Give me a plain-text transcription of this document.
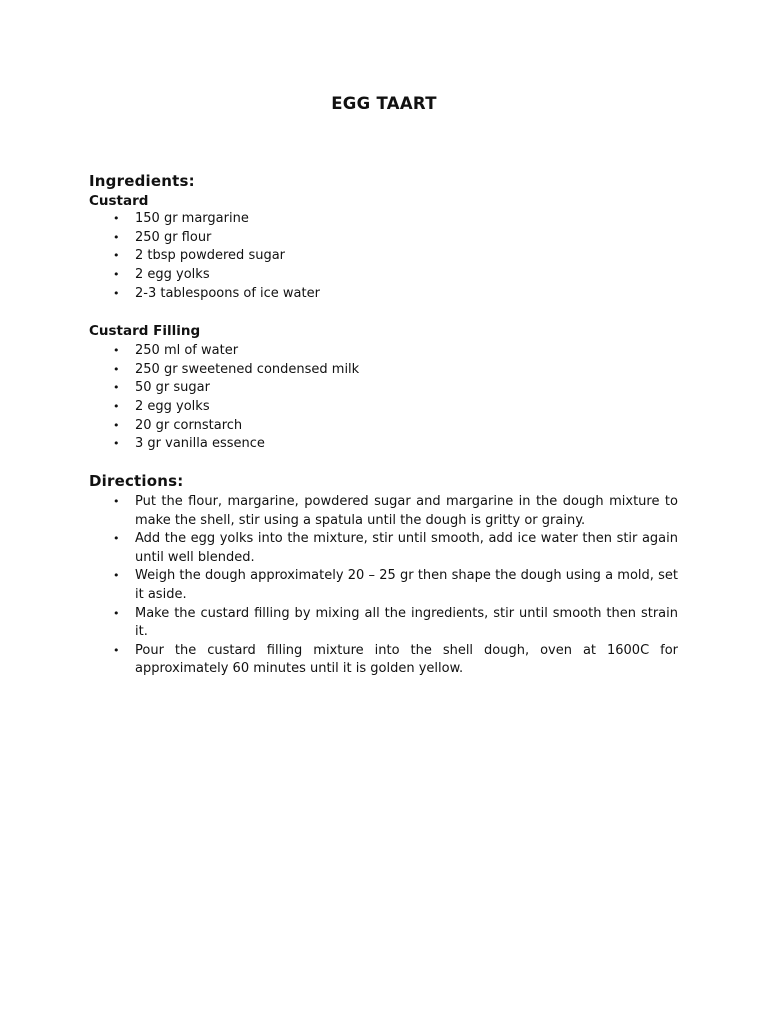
EGG TAART
Ingredients:
Custard
• 150 gr margarine
• 250 gr flour
• 2 tbsp powdered sugar
• 2 egg yolks
• 2-3 tablespoons of ice water
Custard Filling
• 250 ml of water
• 250 gr sweetened condensed milk
• 50 gr sugar
• 2 egg yolks
• 20 gr cornstarch
• 3 gr vanilla essence
Directions:
• Put the flour, margarine, powdered sugar and margarine in the dough mixture to make the shell, stir using a spatula until the dough is gritty or grainy.
• Add the egg yolks into the mixture, stir until smooth, add ice water then stir again until well blended.
• Weigh the dough approximately 20 – 25 gr then shape the dough using a mold, set it aside.
• Make the custard filling by mixing all the ingredients, stir until smooth then strain it.
• Pour the custard filling mixture into the shell dough, oven at 1600C for approximately 60 minutes until it is golden yellow.
